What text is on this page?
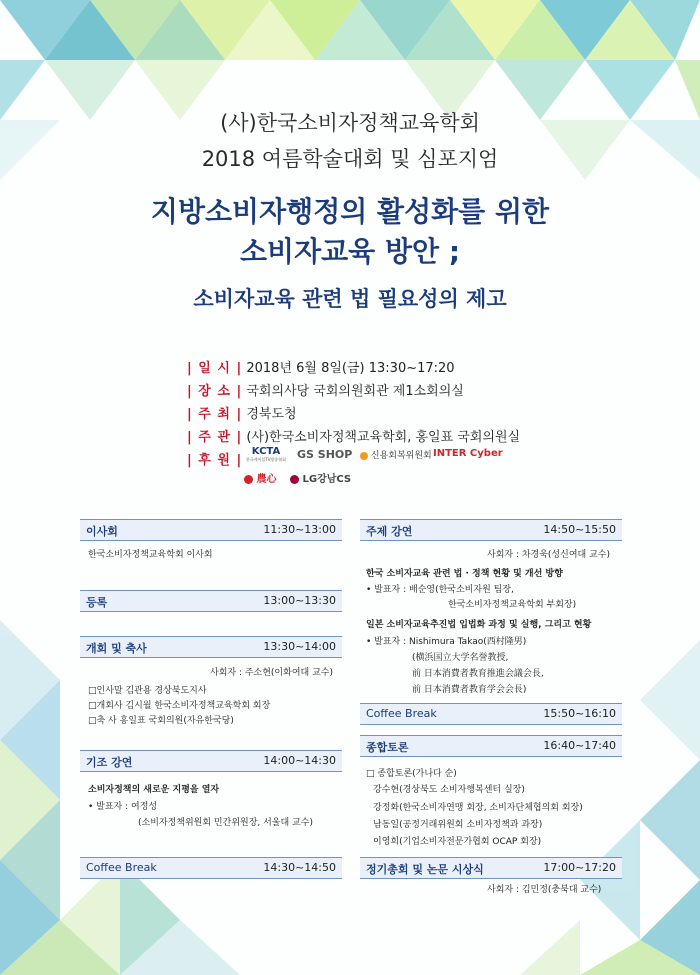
(사)한국소비자정책교육학회
2018 여름학술대회 및 심포지엄
지방소비자행정의 활성화를 위한
소비자교육 방안 ;
소비자교육 관련 법 필요성의 제고
| 일 시 | 2018년 6월 8일(금) 13:30~17:20
| 장 소 | 국회의사당 국회의원회관 제1소회의실
| 주 최 | 경북도청
| 주 관 | (사)한국소비자정책교육학회, 홍일표 국회의원실
| 후 원 |
KCTA
한국케이블TV방송협회	GS SHOP	신용회복위원회 INTER Cyber
農心	LG강남CS
이사회	11:30~13:00
한국소비자정책교육학회 이사회
등록	13:00~13:30
개회 및 축사	13:30~14:00
사회자 : 주소현(이화여대 교수)
□인사말 김관용 경상북도지사
□개회사 김시월 한국소비자정책교육학회 회장
□축 사 홍일표 국회의원(자유한국당)
기조 강연	14:00~14:30
소비자정책의 새로운 지평을 열자
• 발표자 : 여정성
(소비자정책위원회 민간위원장, 서울대 교수)
Coffee Break	14:30~14:50
주제 강연	14:50~15:50
사회자 : 차경욱(성신여대 교수)
한국 소비자교육 관련 법 · 정책 현황 및 개선 방향
• 발표자 : 배순영(한국소비자원 팀장,
한국소비자정책교육학회 부회장)
일본 소비자교육추진법 입법화 과정 및 실행, 그리고 현황
• 발표자 : Nishimura Takao(西村隆男)
(横浜国立大学名誉教授,
前 日本消費者教育推進会議会長,
前 日本消費者教育学会会長)
Coffee Break	15:50~16:10
종합토론	16:40~17:40
□ 종합토론(가나다 순)
강수현(경상북도 소비자행복센터 실장)
강정화(한국소비자연맹 회장, 소비자단체협의회 회장)
남동일(공정거래위원회 소비자정책과 과장)
이영희(기업소비자전문가협회 OCAP 회장)
정기총회 및 논문 시상식	17:00~17:20
사회자 : 김민정(충북대 교수)
